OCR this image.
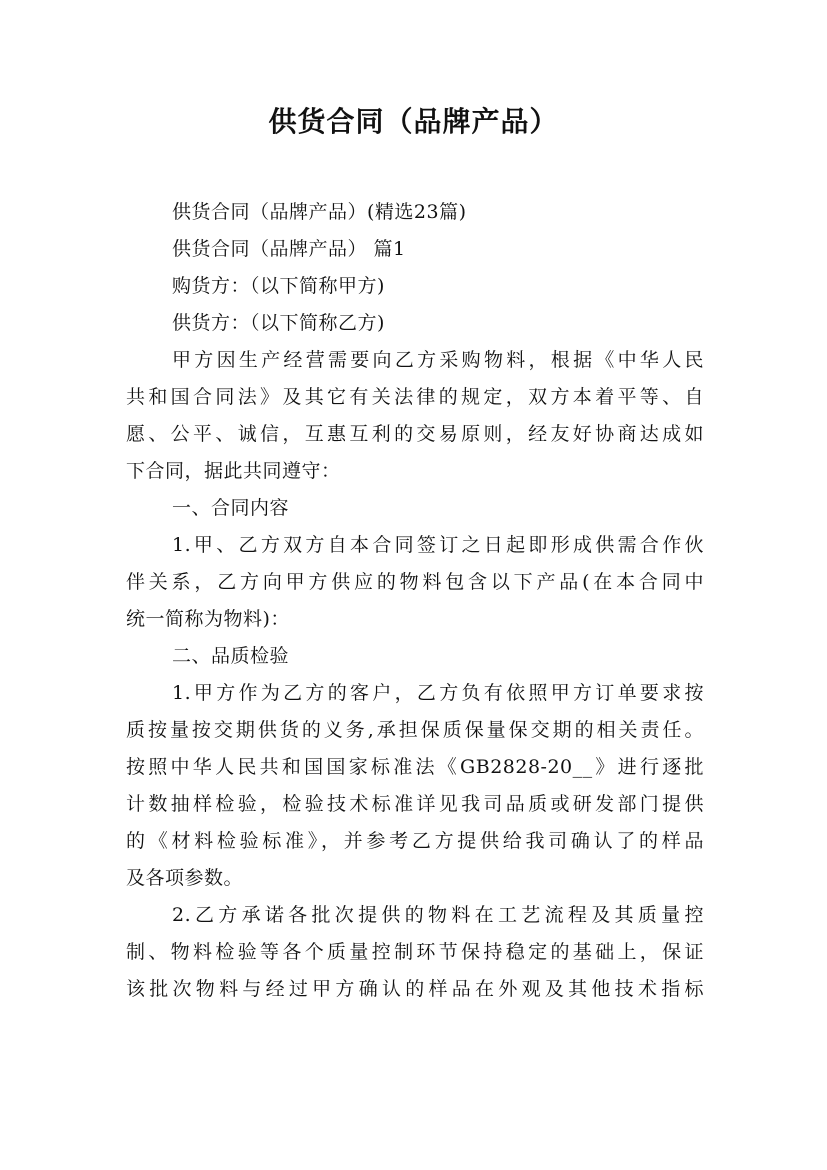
供货合同（品牌产品）

供货合同（品牌产品）(精选23篇)

供货合同（品牌产品） 篇1

购货方：（以下简称甲方)

供货方：（以下简称乙方)

甲方因生产经营需要向乙方采购物料，根据《中华人民

共和国合同法》及其它有关法律的规定，双方本着平等、自

愿、公平、诚信，互惠互利的交易原则，经友好协商达成如

下合同，据此共同遵守：

一、合同内容

1.甲、乙方双方自本合同签订之日起即形成供需合作伙

伴关系，乙方向甲方供应的物料包含以下产品(在本合同中

统一简称为物料)：

二、品质检验

1.甲方作为乙方的客户，乙方负有依照甲方订单要求按

质按量按交期供货的义务,承担保质保量保交期的相关责任。

按照中华人民共和国国家标准法《GB2828-20__》进行逐批

计数抽样检验，检验技术标准详见我司品质或研发部门提供

的《材料检验标准》，并参考乙方提供给我司确认了的样品

及各项参数。

2.乙方承诺各批次提供的物料在工艺流程及其质量控

制、物料检验等各个质量控制环节保持稳定的基础上，保证

该批次物料与经过甲方确认的样品在外观及其他技术指标
